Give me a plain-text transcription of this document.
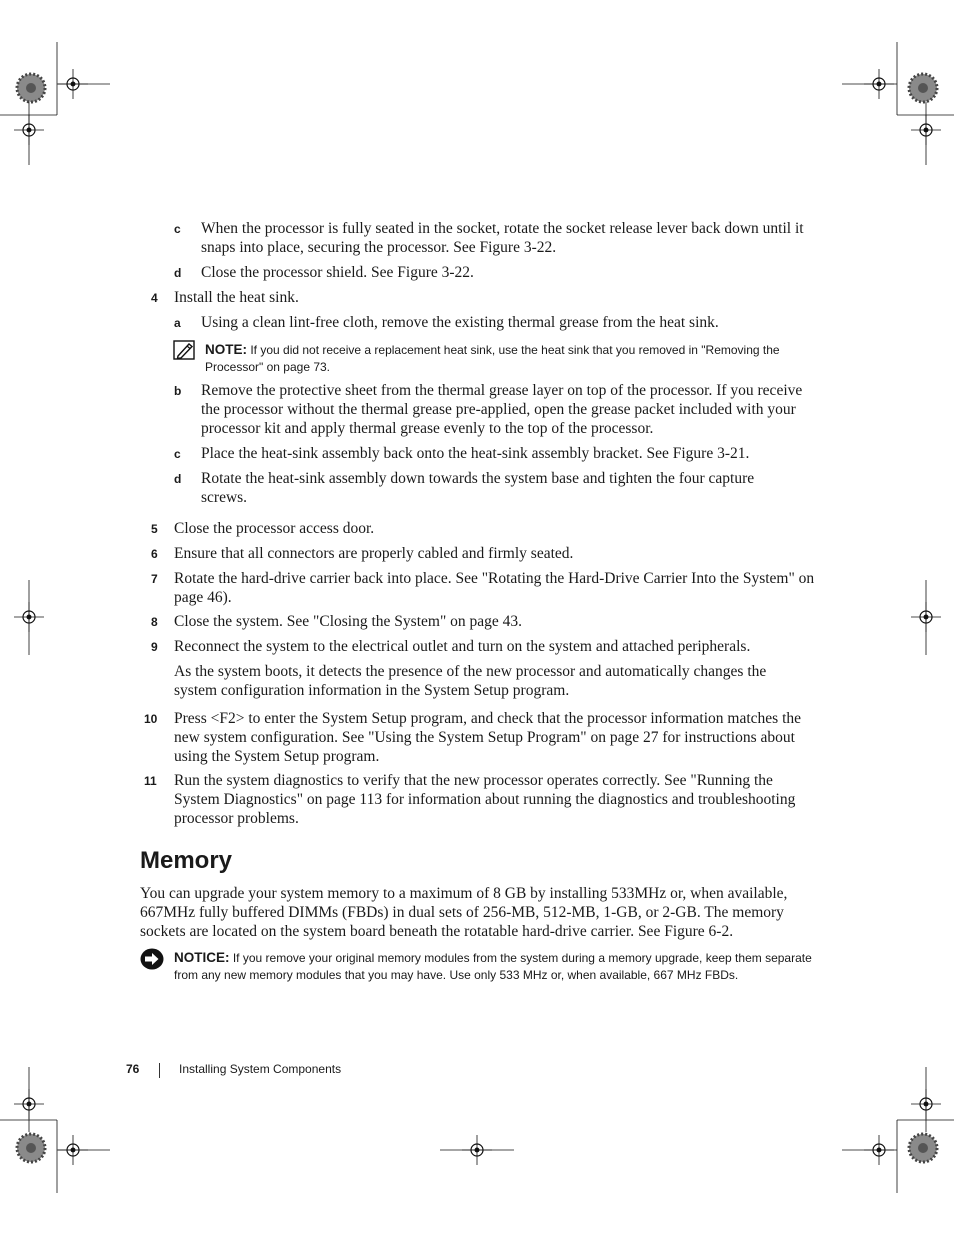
c When the processor is fully seated in the socket, rotate the socket release lever back down until it snaps into place, securing the processor. See Figure 3-22.
d Close the processor shield. See Figure 3-22.
4 Install the heat sink.
a Using a clean lint-free cloth, remove the existing thermal grease from the heat sink.
NOTE: If you did not receive a replacement heat sink, use the heat sink that you removed in "Removing the Processor" on page 73.
b Remove the protective sheet from the thermal grease layer on top of the processor. If you receive the processor without the thermal grease pre-applied, open the grease packet included with your processor kit and apply thermal grease evenly to the top of the processor.
c Place the heat-sink assembly back onto the heat-sink assembly bracket. See Figure 3-21.
d Rotate the heat-sink assembly down towards the system base and tighten the four capture screws.
5 Close the processor access door.
6 Ensure that all connectors are properly cabled and firmly seated.
7 Rotate the hard-drive carrier back into place. See "Rotating the Hard-Drive Carrier Into the System" on page 46).
8 Close the system. See "Closing the System" on page 43.
9 Reconnect the system to the electrical outlet and turn on the system and attached peripherals.
As the system boots, it detects the presence of the new processor and automatically changes the system configuration information in the System Setup program.
10 Press <F2> to enter the System Setup program, and check that the processor information matches the new system configuration. See "Using the System Setup Program" on page 27 for instructions about using the System Setup program.
11 Run the system diagnostics to verify that the new processor operates correctly. See "Running the System Diagnostics" on page 113 for information about running the diagnostics and troubleshooting processor problems.
Memory
You can upgrade your system memory to a maximum of 8 GB by installing 533MHz or, when available, 667MHz fully buffered DIMMs (FBDs) in dual sets of 256-MB, 512-MB, 1-GB, or 2-GB. The memory sockets are located on the system board beneath the rotatable hard-drive carrier. See Figure 6-2.
NOTICE: If you remove your original memory modules from the system during a memory upgrade, keep them separate from any new memory modules that you may have. Use only 533 MHz or, when available, 667 MHz FBDs.
76	Installing System Components
